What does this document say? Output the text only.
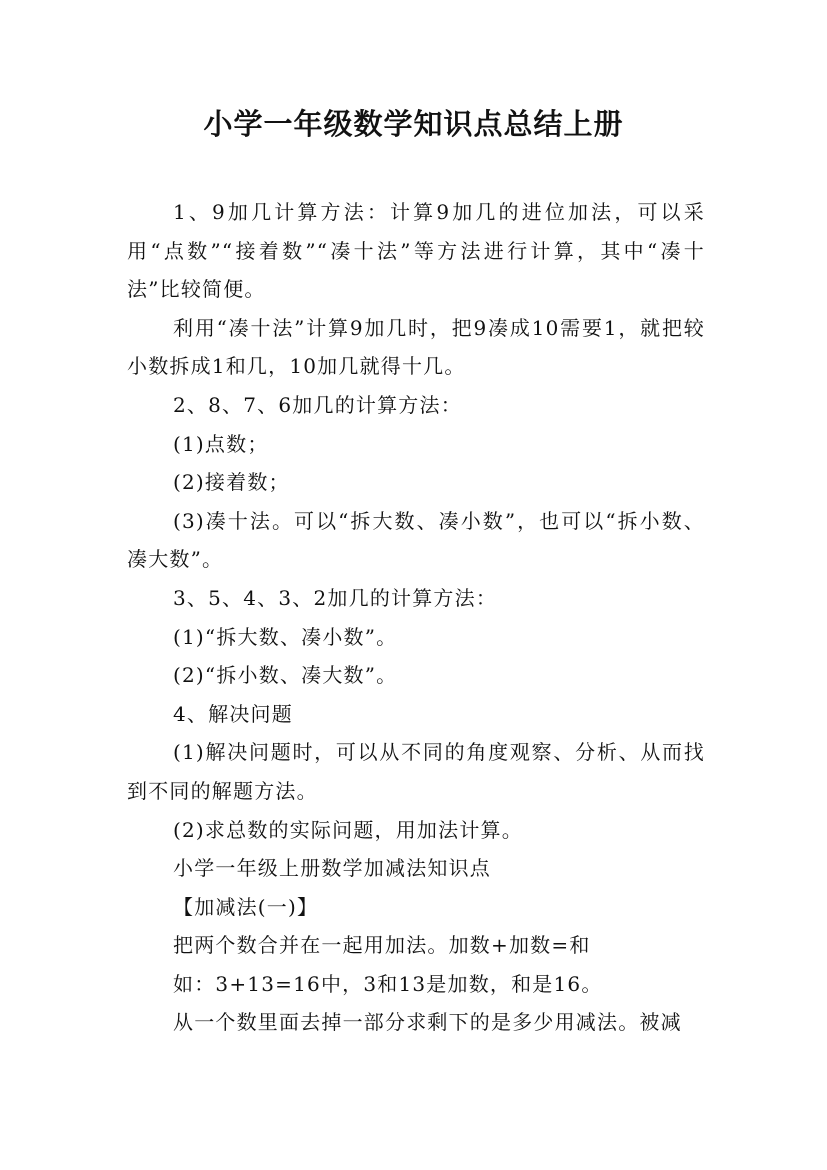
小学一年级数学知识点总结上册

1、9加几计算方法：计算9加几的进位加法，可以采用“点数”“接着数”“凑十法”等方法进行计算，其中“凑十法”比较简便。

利用“凑十法”计算9加几时，把9凑成10需要1，就把较小数拆成1和几，10加几就得十几。

2、8、7、6加几的计算方法：

(1)点数；

(2)接着数；

(3)凑十法。可以“拆大数、凑小数”，也可以“拆小数、凑大数”。

3、5、4、3、2加几的计算方法：

(1)“拆大数、凑小数”。

(2)“拆小数、凑大数”。

4、解决问题

(1)解决问题时，可以从不同的角度观察、分析、从而找到不同的解题方法。

(2)求总数的实际问题，用加法计算。

小学一年级上册数学加减法知识点

【加减法(一)】

把两个数合并在一起用加法。加数+加数=和

如：3+13=16中，3和13是加数，和是16。

从一个数里面去掉一部分求剩下的是多少用减法。被减
